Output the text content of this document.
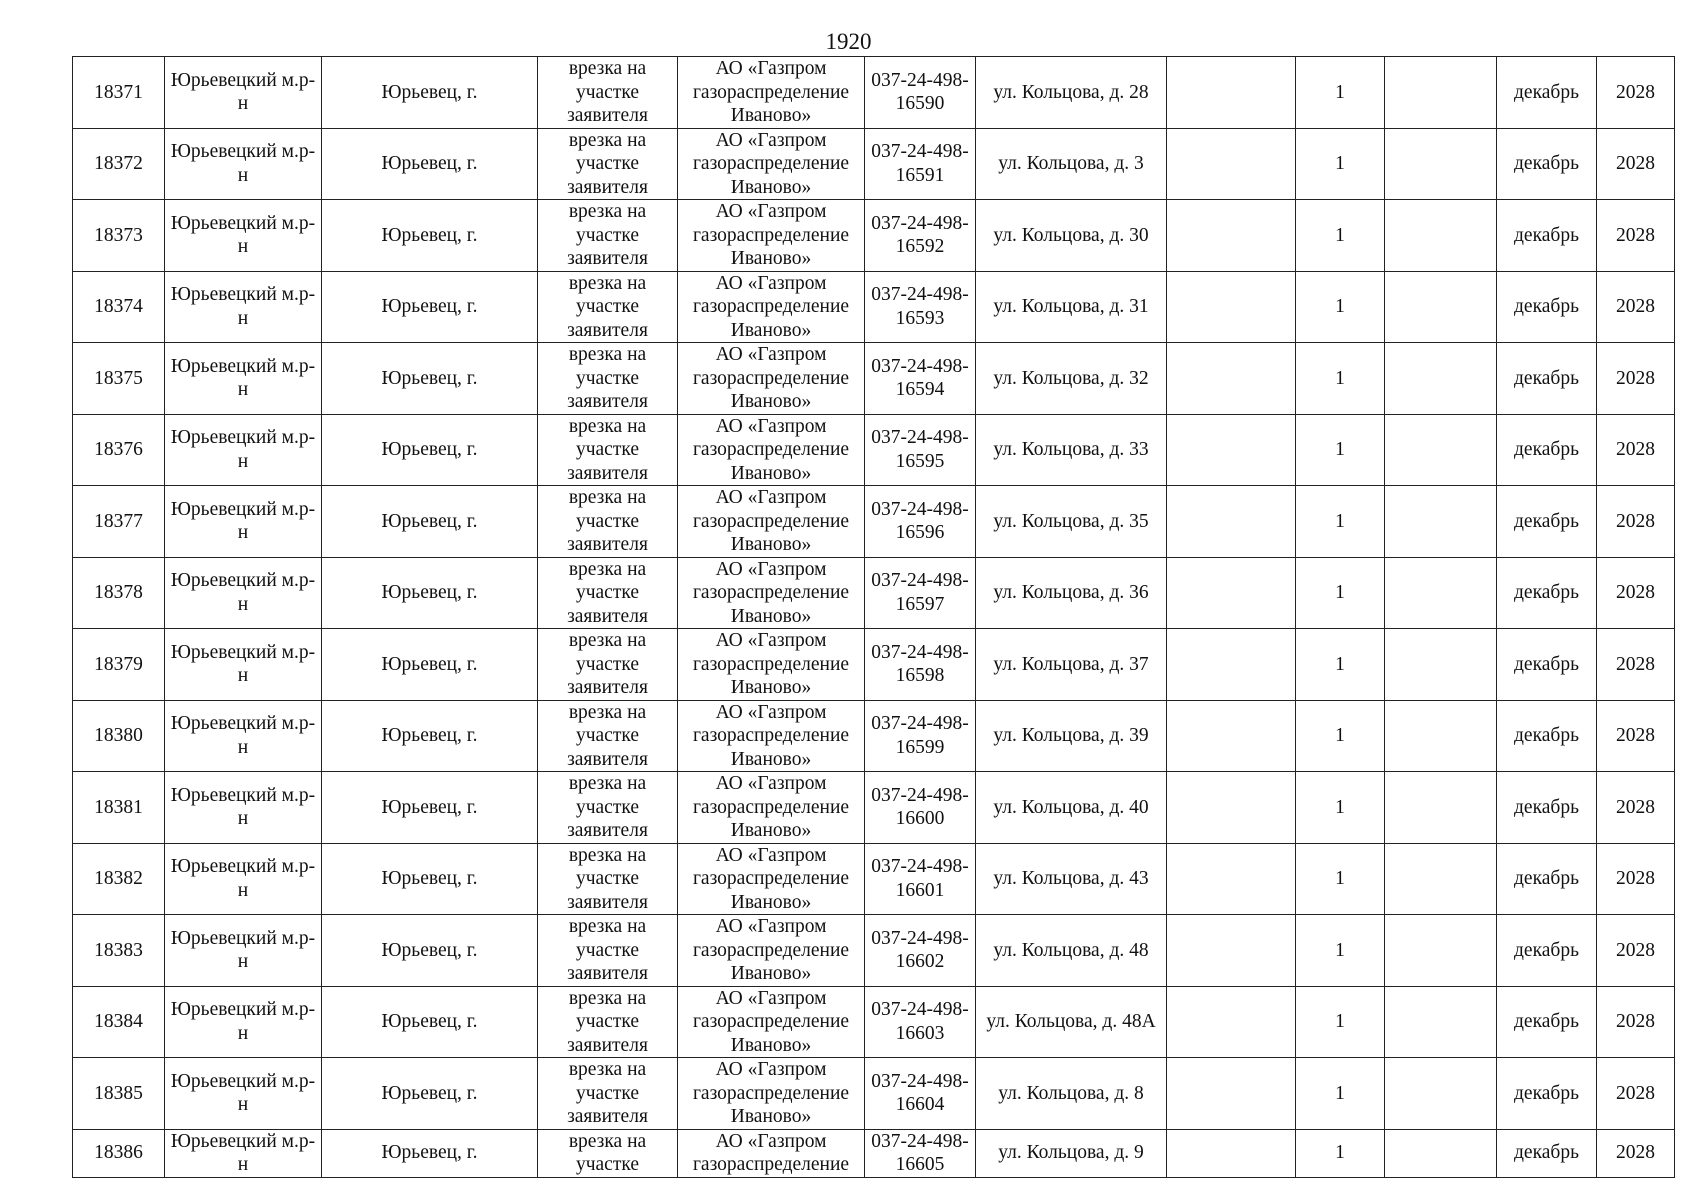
1920
18371	Юрьевецкий м.р-н	Юрьевец, г.	врезка на участке заявителя	АО «Газпром газораспределение Иваново»	037-24-498-16590	ул. Кольцова, д. 28		1		декабрь	2028

18372	Юрьевецкий м.р-н	Юрьевец, г.	врезка на участке заявителя	АО «Газпром газораспределение Иваново»	037-24-498-16591	ул. Кольцова, д. 3		1		декабрь	2028

18373	Юрьевецкий м.р-н	Юрьевец, г.	врезка на участке заявителя	АО «Газпром газораспределение Иваново»	037-24-498-16592	ул. Кольцова, д. 30		1		декабрь	2028

18374	Юрьевецкий м.р-н	Юрьевец, г.	врезка на участке заявителя	АО «Газпром газораспределение Иваново»	037-24-498-16593	ул. Кольцова, д. 31		1		декабрь	2028

18375	Юрьевецкий м.р-н	Юрьевец, г.	врезка на участке заявителя	АО «Газпром газораспределение Иваново»	037-24-498-16594	ул. Кольцова, д. 32		1		декабрь	2028

18376	Юрьевецкий м.р-н	Юрьевец, г.	врезка на участке заявителя	АО «Газпром газораспределение Иваново»	037-24-498-16595	ул. Кольцова, д. 33		1		декабрь	2028

18377	Юрьевецкий м.р-н	Юрьевец, г.	врезка на участке заявителя	АО «Газпром газораспределение Иваново»	037-24-498-16596	ул. Кольцова, д. 35		1		декабрь	2028

18378	Юрьевецкий м.р-н	Юрьевец, г.	врезка на участке заявителя	АО «Газпром газораспределение Иваново»	037-24-498-16597	ул. Кольцова, д. 36		1		декабрь	2028

18379	Юрьевецкий м.р-н	Юрьевец, г.	врезка на участке заявителя	АО «Газпром газораспределение Иваново»	037-24-498-16598	ул. Кольцова, д. 37		1		декабрь	2028

18380	Юрьевецкий м.р-н	Юрьевец, г.	врезка на участке заявителя	АО «Газпром газораспределение Иваново»	037-24-498-16599	ул. Кольцова, д. 39		1		декабрь	2028

18381	Юрьевецкий м.р-н	Юрьевец, г.	врезка на участке заявителя	АО «Газпром газораспределение Иваново»	037-24-498-16600	ул. Кольцова, д. 40		1		декабрь	2028

18382	Юрьевецкий м.р-н	Юрьевец, г.	врезка на участке заявителя	АО «Газпром газораспределение Иваново»	037-24-498-16601	ул. Кольцова, д. 43		1		декабрь	2028

18383	Юрьевецкий м.р-н	Юрьевец, г.	врезка на участке заявителя	АО «Газпром газораспределение Иваново»	037-24-498-16602	ул. Кольцова, д. 48		1		декабрь	2028

18384	Юрьевецкий м.р-н	Юрьевец, г.	врезка на участке заявителя	АО «Газпром газораспределение Иваново»	037-24-498-16603	ул. Кольцова, д. 48А		1		декабрь	2028

18385	Юрьевецкий м.р-н	Юрьевец, г.	врезка на участке заявителя	АО «Газпром газораспределение Иваново»	037-24-498-16604	ул. Кольцова, д. 8		1		декабрь	2028

18386	Юрьевецкий м.р-н	Юрьевец, г.	врезка на участке	АО «Газпром газораспределение	037-24-498-16605	ул. Кольцова, д. 9		1		декабрь	2028
